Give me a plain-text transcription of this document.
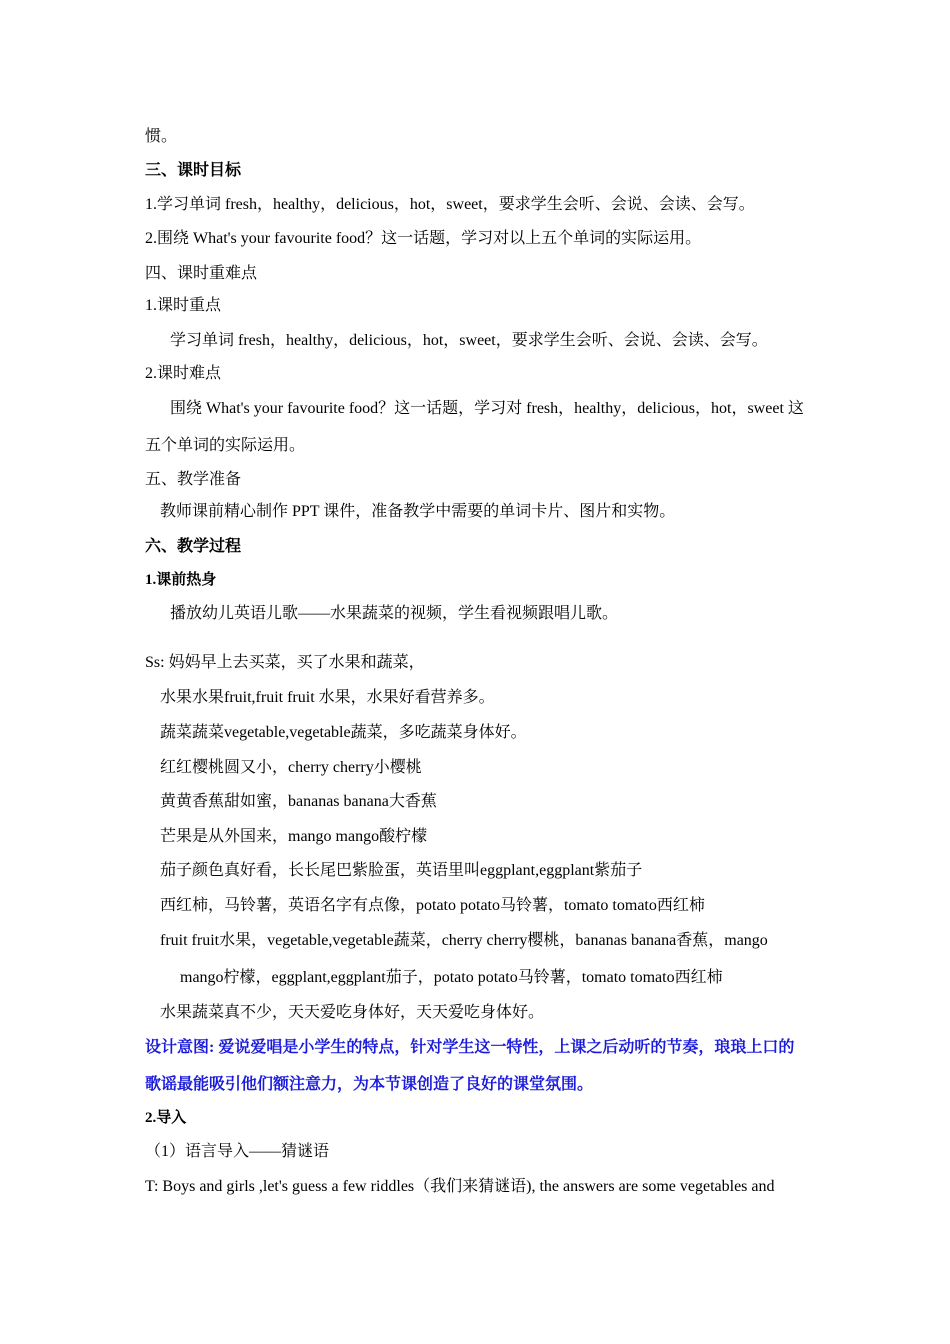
惯。
三、课时目标
1.学习单词 fresh，healthy，delicious，hot，sweet，要求学生会听、会说、会读、会写。
2.围绕 What's your favourite food？这一话题，学习对以上五个单词的实际运用。
四、课时重难点
1.课时重点
学习单词 fresh，healthy，delicious，hot，sweet，要求学生会听、会说、会读、会写。
2.课时难点
围绕 What's your favourite food？这一话题，学习对 fresh，healthy，delicious，hot，sweet 这
五个单词的实际运用。
五、教学准备
教师课前精心制作 PPT 课件，准备教学中需要的单词卡片、图片和实物。
六、教学过程
1.课前热身
播放幼儿英语儿歌——水果蔬菜的视频，学生看视频跟唱儿歌。
Ss: 妈妈早上去买菜，买了水果和蔬菜，
水果水果fruit,fruit fruit 水果，水果好看营养多。
蔬菜蔬菜vegetable,vegetable蔬菜，多吃蔬菜身体好。
红红樱桃圆又小，cherry cherry小樱桃
黄黄香蕉甜如蜜，bananas banana大香蕉
芒果是从外国来，mango mango酸柠檬
茄子颜色真好看，长长尾巴紫脸蛋，英语里叫eggplant,eggplant紫茄子
西红柿，马铃薯，英语名字有点像，potato potato马铃薯，tomato tomato西红柿
fruit fruit水果，vegetable,vegetable蔬菜，cherry cherry樱桃，bananas banana香蕉，mango
mango柠檬，eggplant,eggplant茄子，potato potato马铃薯，tomato tomato西红柿
水果蔬菜真不少，天天爱吃身体好，天天爱吃身体好。
设计意图: 爱说爱唱是小学生的特点，针对学生这一特性，上课之后动听的节奏，琅琅上口的
歌谣最能吸引他们额注意力，为本节课创造了良好的课堂氛围。
2.导入
（1）语言导入——猜谜语
T: Boys and girls ,let's guess a few riddles（我们来猜谜语), the answers are some vegetables and
